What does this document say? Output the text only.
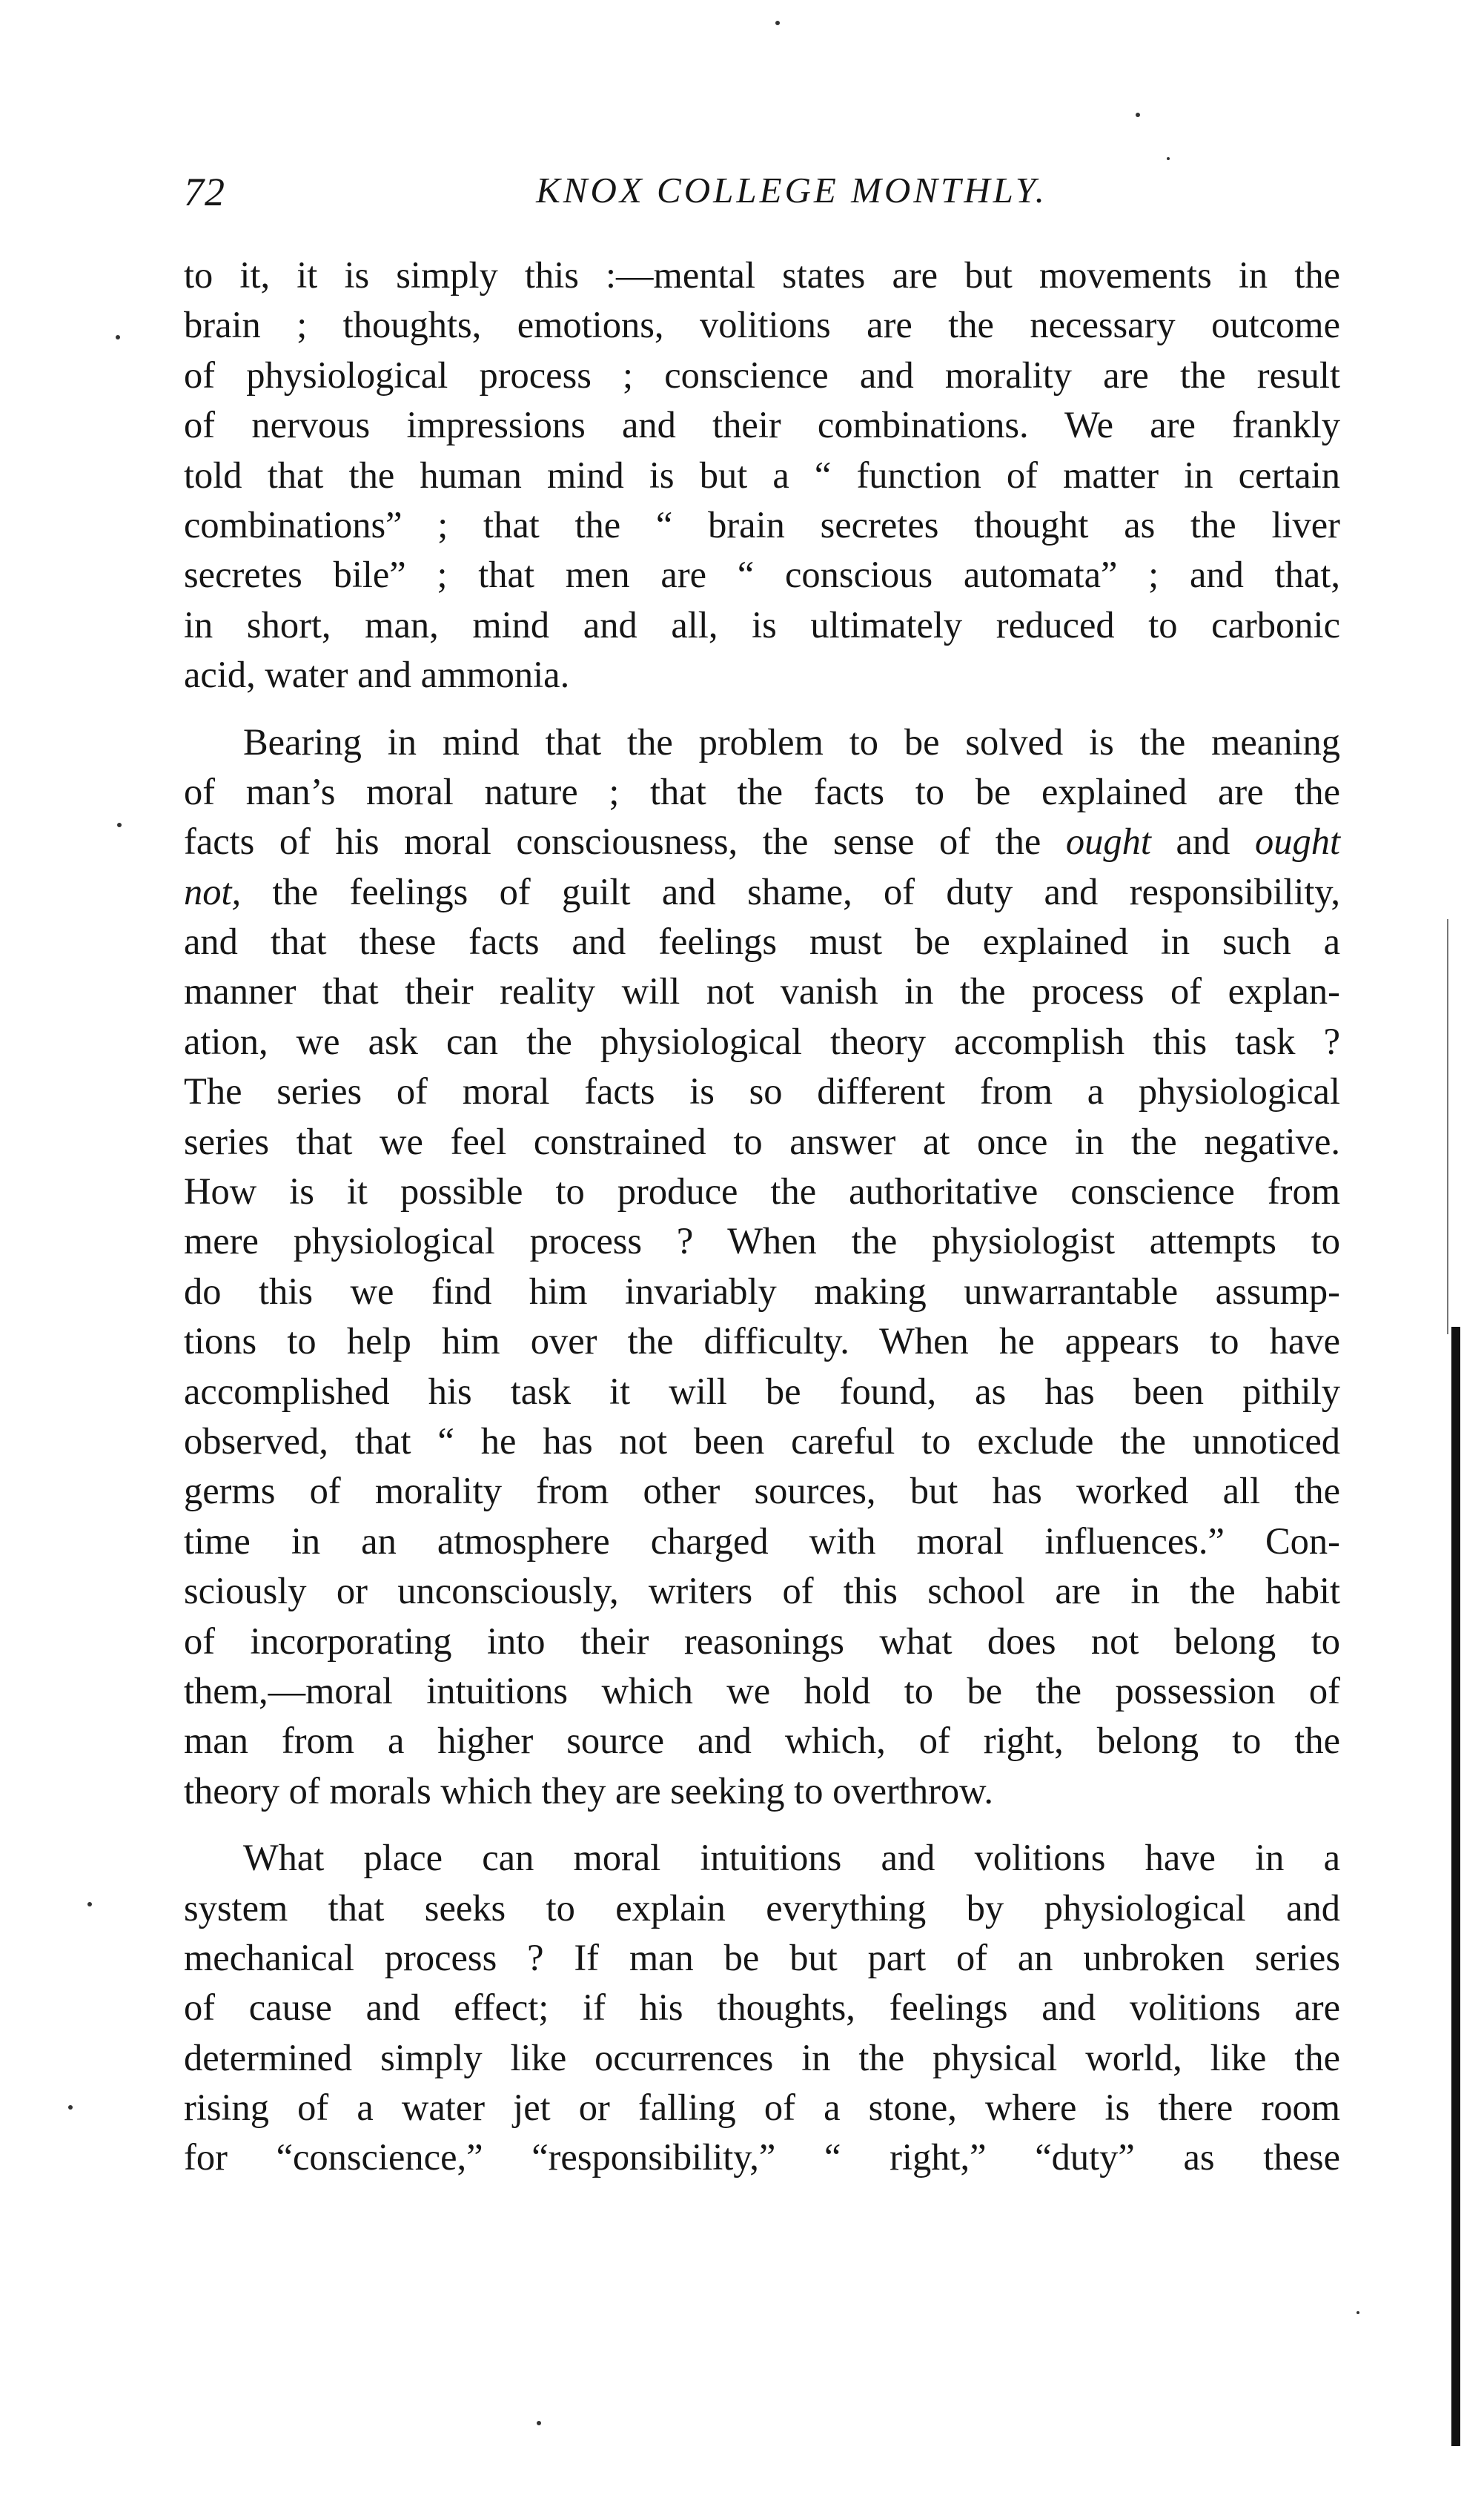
72	KNOX COLLEGE MONTHLY.
to it, it is simply this :—mental states are but movements in the
brain ; thoughts, emotions, volitions are the necessary outcome
of physiological process ; conscience and morality are the result
of nervous impressions and their combinations. We are frankly
told that the human mind is but a “ function of matter in certain
combinations” ; that the “ brain secretes thought as the liver
secretes bile” ; that men are “ conscious automata” ; and that,
in short, man, mind and all, is ultimately reduced to carbonic
acid, water and ammonia.
Bearing in mind that the problem to be solved is the meaning
of man’s moral nature ; that the facts to be explained are the
facts of his moral consciousness, the sense of the ought and ought
not, the feelings of guilt and shame, of duty and responsibility,
and that these facts and feelings must be explained in such a
manner that their reality will not vanish in the process of explan-
ation, we ask can the physiological theory accomplish this task ?
The series of moral facts is so different from a physiological
series that we feel constrained to answer at once in the negative.
How is it possible to produce the authoritative conscience from
mere physiological process ? When the physiologist attempts to
do this we find him invariably making unwarrantable assump-
tions to help him over the difficulty. When he appears to have
accomplished his task it will be found, as has been pithily
observed, that “ he has not been careful to exclude the unnoticed
germs of morality from other sources, but has worked all the
time in an atmosphere charged with moral influences.” Con-
sciously or unconsciously, writers of this school are in the habit
of incorporating into their reasonings what does not belong to
them,—moral intuitions which we hold to be the possession of
man from a higher source and which, of right, belong to the
theory of morals which they are seeking to overthrow.
What place can moral intuitions and volitions have in a
system that seeks to explain everything by physiological and
mechanical process ? If man be but part of an unbroken series
of cause and effect; if his thoughts, feelings and volitions are
determined simply like occurrences in the physical world, like the
rising of a water jet or falling of a stone, where is there room
for “conscience,” “responsibility,” “ right,” “duty” as these
